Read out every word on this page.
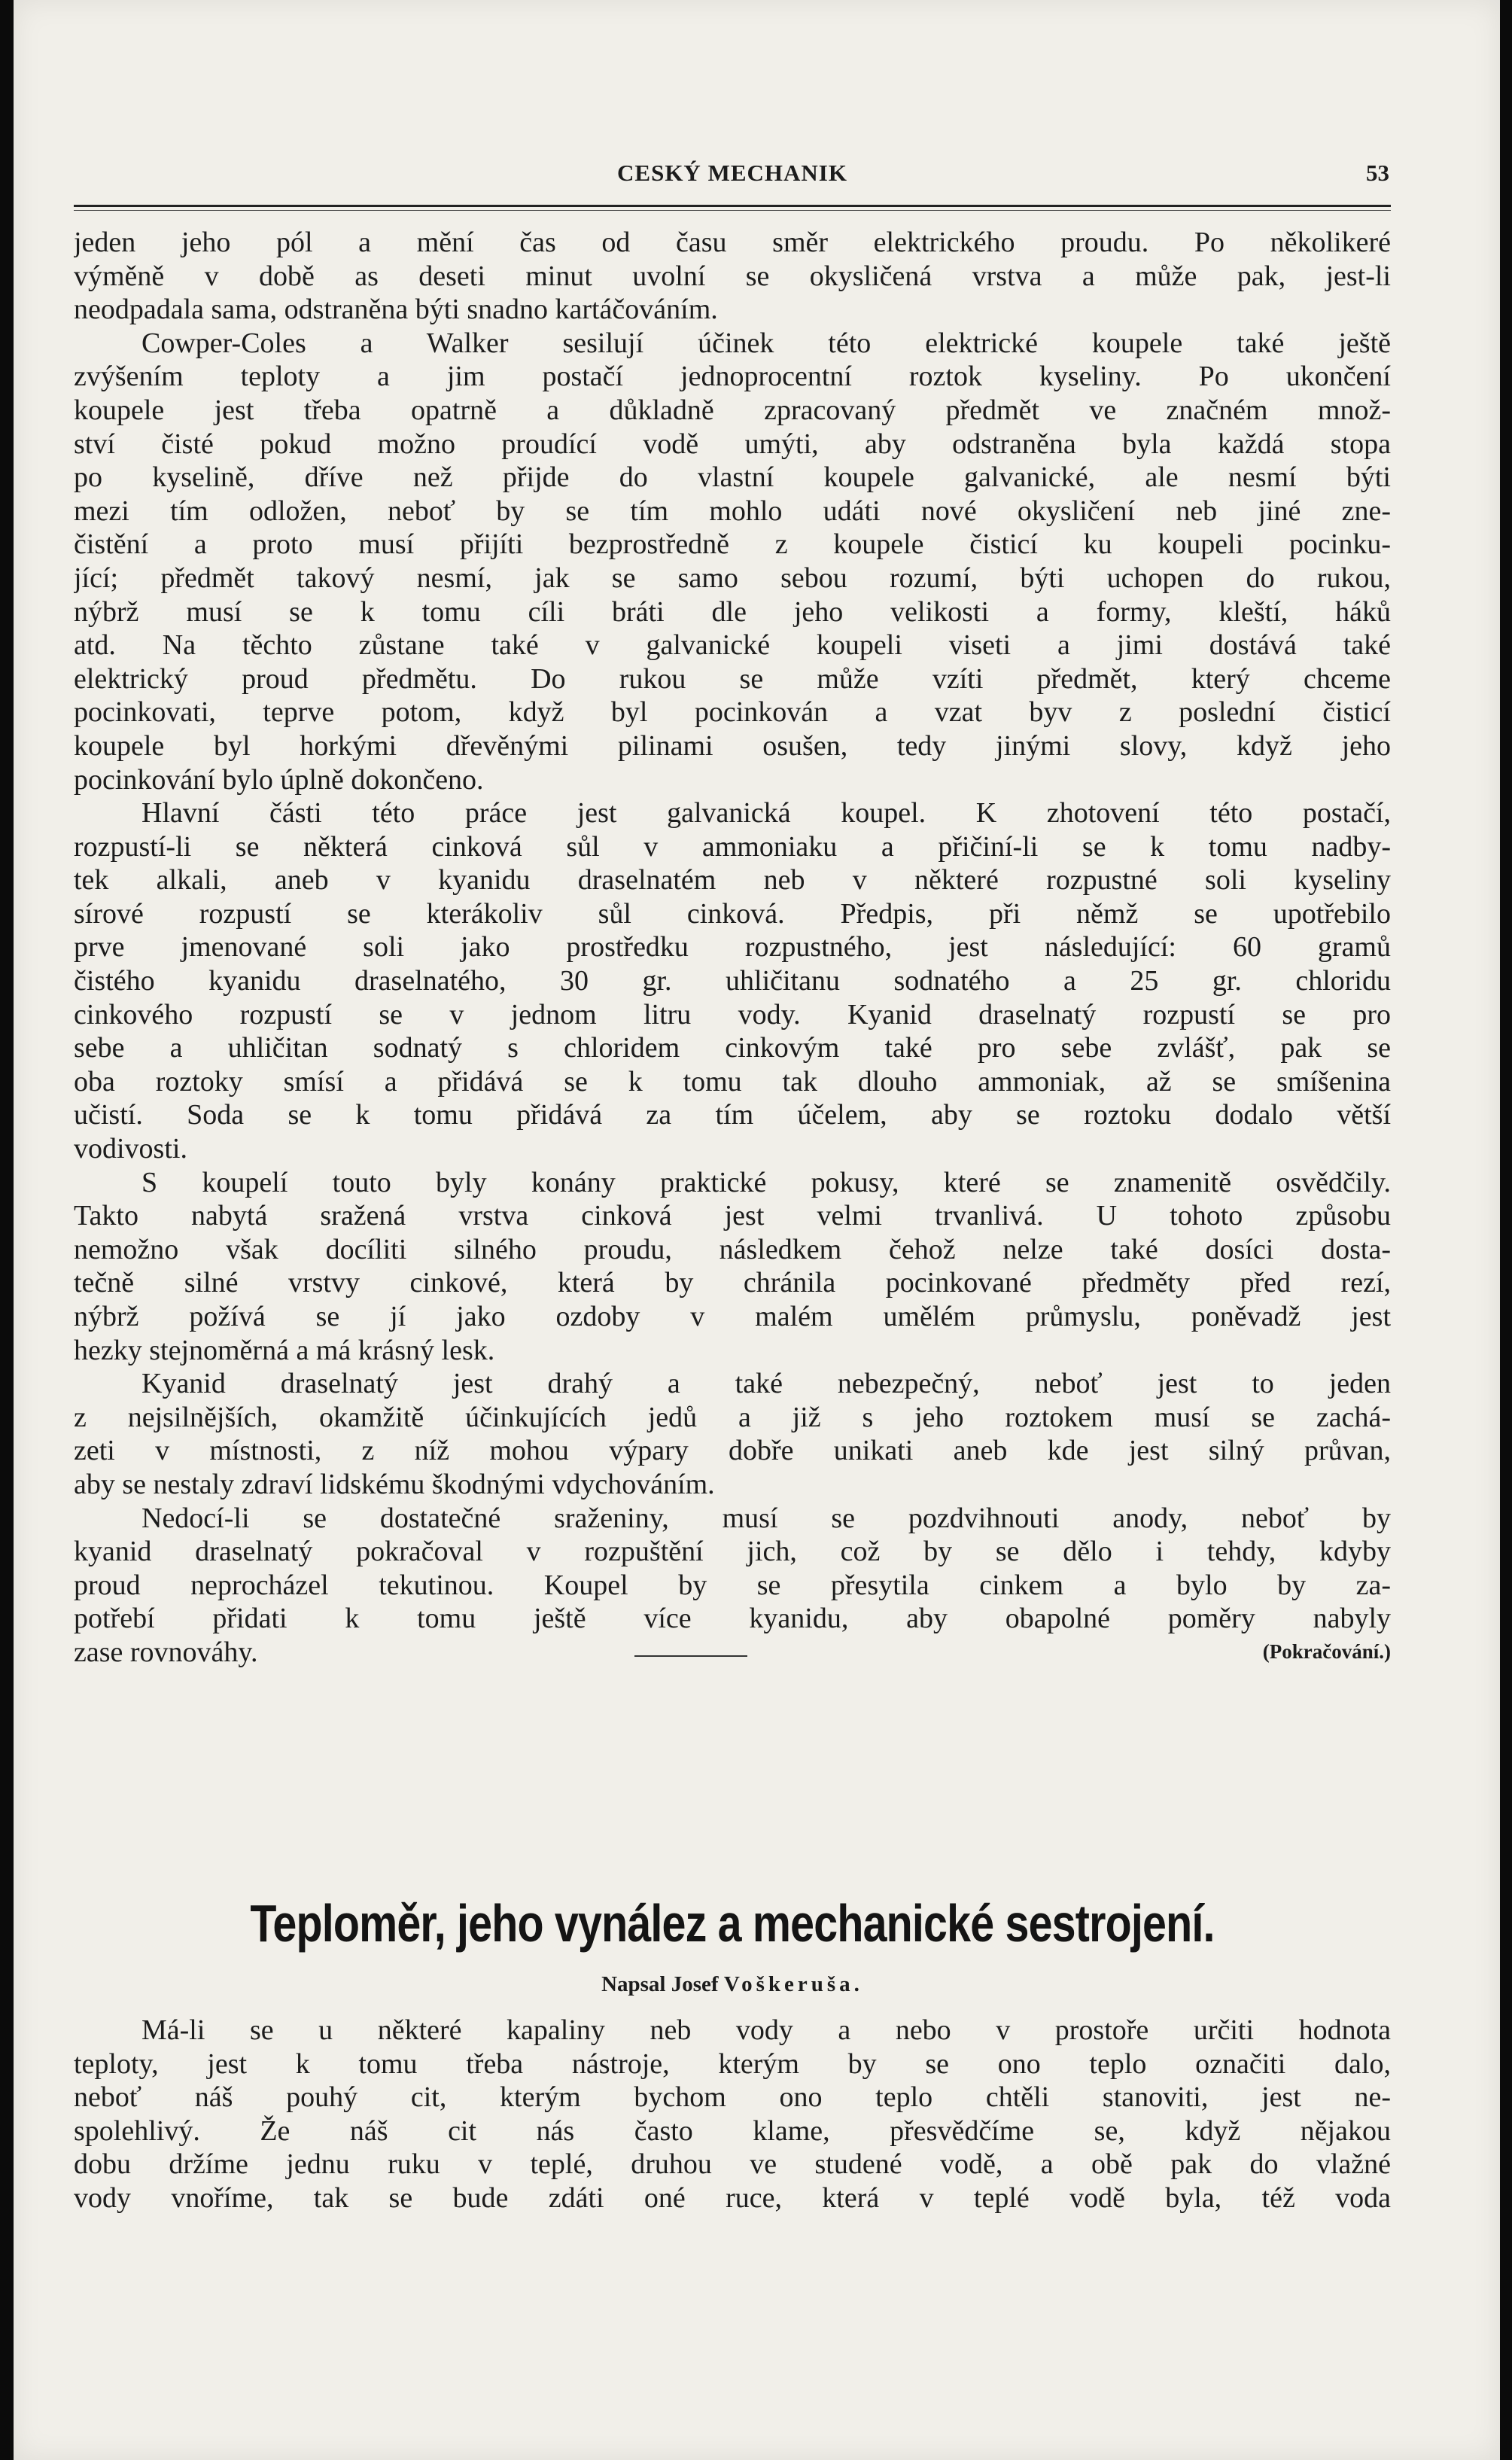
CESKÝ MECHANIK	53

jeden jeho pól a mění čas od času směr elektrického proudu. Po několikeré

výměně v době as deseti minut uvolní se okysličená vrstva a může pak, jest-li

neodpadala sama, odstraněna býti snadno kartáčováním.

Cowper-Coles a Walker sesilují účinek této elektrické koupele také ještě

zvýšením teploty a jim postačí jednoprocentní roztok kyseliny. Po ukončení

koupele jest třeba opatrně a důkladně zpracovaný předmět ve značném množ-

ství čisté pokud možno proudící vodě umýti, aby odstraněna byla každá stopa

po kyselině, dříve než přijde do vlastní koupele galvanické, ale nesmí býti

mezi tím odložen, neboť by se tím mohlo udáti nové okysličení neb jiné zne-

čistění a proto musí přijíti bezprostředně z koupele čisticí ku koupeli pocinku-

jící; předmět takový nesmí, jak se samo sebou rozumí, býti uchopen do rukou,

nýbrž musí se k tomu cíli bráti dle jeho velikosti a formy, kleští, háků

atd. Na těchto zůstane také v galvanické koupeli viseti a jimi dostává také

elektrický proud předmětu. Do rukou se může vzíti předmět, který chceme

pocinkovati, teprve potom, když byl pocinkován a vzat byv z poslední čisticí

koupele byl horkými dřevěnými pilinami osušen, tedy jinými slovy, když jeho

pocinkování bylo úplně dokončeno.

Hlavní části této práce jest galvanická koupel. K zhotovení této postačí,

rozpustí-li se některá cinková sůl v ammoniaku a přičiní-li se k tomu nadby-

tek alkali, aneb v kyanidu draselnatém neb v některé rozpustné soli kyseliny

sírové rozpustí se kterákoliv sůl cinková. Předpis, při němž se upotřebilo

prve jmenované soli jako prostředku rozpustného, jest následující: 60 gramů

čistého kyanidu draselnatého, 30 gr. uhličitanu sodnatého a 25 gr. chloridu

cinkového rozpustí se v jednom litru vody. Kyanid draselnatý rozpustí se pro

sebe a uhličitan sodnatý s chloridem cinkovým také pro sebe zvlášť, pak se

oba roztoky smísí a přidává se k tomu tak dlouho ammoniak, až se smíšenina

učistí. Soda se k tomu přidává za tím účelem, aby se roztoku dodalo větší

vodivosti.

S koupelí touto byly konány praktické pokusy, které se znamenitě osvědčily.

Takto nabytá sražená vrstva cinková jest velmi trvanlivá. U tohoto způsobu

nemožno však docíliti silného proudu, následkem čehož nelze také dosíci dosta-

tečně silné vrstvy cinkové, která by chránila pocinkované předměty před rezí,

nýbrž požívá se jí jako ozdoby v malém umělém průmyslu, poněvadž jest

hezky stejnoměrná a má krásný lesk.

Kyanid draselnatý jest drahý a také nebezpečný, neboť jest to jeden

z nejsilnějších, okamžitě účinkujících jedů a již s jeho roztokem musí se zachá-

zeti v místnosti, z níž mohou výpary dobře unikati aneb kde jest silný průvan,

aby se nestaly zdraví lidskému škodnými vdychováním.

Nedocí-li se dostatečné sraženiny, musí se pozdvihnouti anody, neboť by

kyanid draselnatý pokračoval v rozpuštění jich, což by se dělo i tehdy, kdyby

proud neprocházel tekutinou. Koupel by se přesytila cinkem a bylo by za-

potřebí přidati k tomu ještě více kyanidu, aby obapolné poměry nabyly

zase rovnováhy.	(Pokračování.)
Teploměr, jeho vynález a mechanické sestrojení.
Napsal Josef Voškeruša.

Má-li se u některé kapaliny neb vody a nebo v prostoře určiti hodnota

teploty, jest k tomu třeba nástroje, kterým by se ono teplo označiti dalo,

neboť náš pouhý cit, kterým bychom ono teplo chtěli stanoviti, jest ne-

spolehlivý. Že náš cit nás často klame, přesvědčíme se, když nějakou

dobu držíme jednu ruku v teplé, druhou ve studené vodě, a obě pak do vlažné

vody vnoříme, tak se bude zdáti oné ruce, která v teplé vodě byla, též voda
